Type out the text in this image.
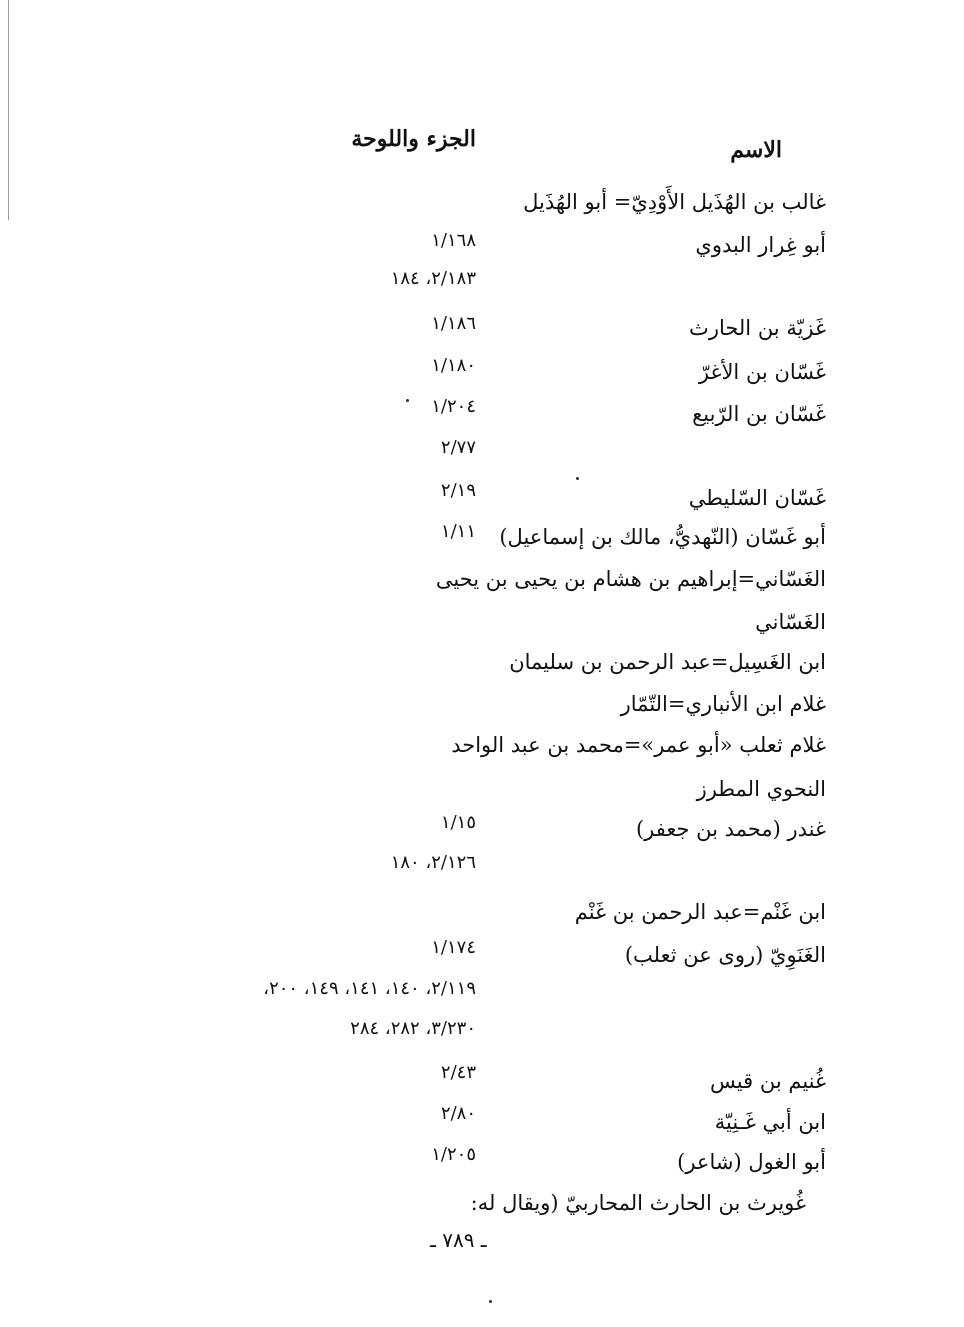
الاسم
الجزء واللوحة
غالب بن الهُذَيل الأَوْدِيّ= أبو الهُذَيل
أبو غِرار البدوي
غَزيّة بن الحارث
غَسّان بن الأغرّ
غَسّان بن الرّبيع
غَسّان السّليطي
أبو غَسّان (النّهديُّ، مالك بن إسماعيل)
الغَسّاني=إبراهيم بن هشام بن يحيى بن يحيى
الغَسّاني
ابن الغَسِيل=عبد الرحمن بن سليمان
غلام ابن الأنباري=التّمّار
غلام ثعلب «أبو عمر»=محمد بن عبد الواحد
النحوي المطرز
غندر (محمد بن جعفر)
ابن غَنْم=عبد الرحمن بن غَنْم
الغَنَوِيّ (روى عن ثعلب)
غُنيم بن قيس
ابن أبي غَـنِيّة
أبو الغول (شاعر)
غُويرث بن الحارث المحاربيّ (ويقال له:
١/١٦٨
٢/١٨٣، ١٨٤
١/١٨٦
١/١٨٠
١/٢٠٤
٢/٧٧
٢/١٩
١/١١
١/١٥
٢/١٢٦، ١٨٠
١/١٧٤
٢/١١٩، ١٤٠، ١٤١، ١٤٩، ٢٠٠،
٣/٢٣٠، ٢٨٢، ٢٨٤
٢/٤٣
٢/٨٠
١/٢٠٥
ـ ٧٨٩ ـ
